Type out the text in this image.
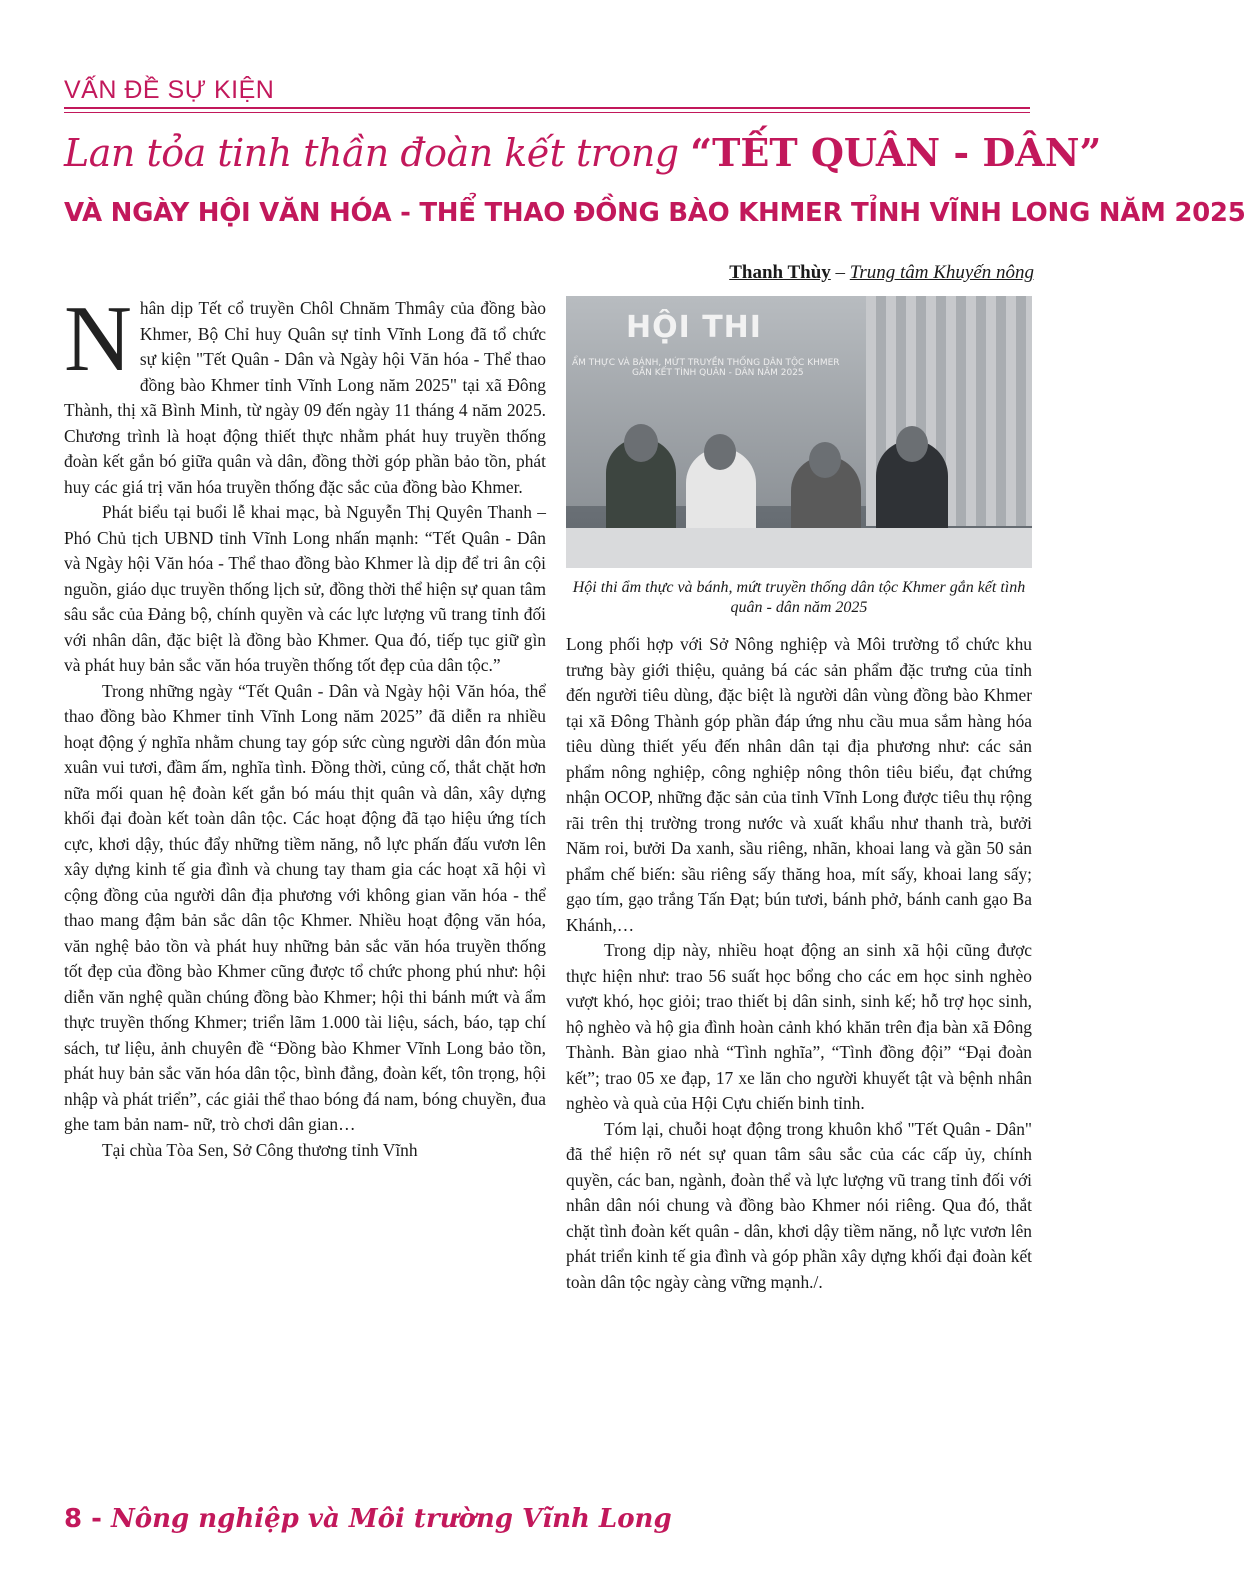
VẤN ĐỀ SỰ KIỆN
Lan tỏa tinh thần đoàn kết trong “TẾT QUÂN - DÂN”
VÀ NGÀY HỘI VĂN HÓA - THỂ THAO ĐỒNG BÀO KHMER TỈNH VĨNH LONG NĂM 2025
Thanh Thùy – Trung tâm Khuyến nông

Nhân dịp Tết cổ truyền Chôl Chnăm Thmây của đồng bào Khmer, Bộ Chỉ huy Quân sự tỉnh Vĩnh Long đã tổ chức sự kiện "Tết Quân - Dân và Ngày hội Văn hóa - Thể thao đồng bào Khmer tỉnh Vĩnh Long năm 2025" tại xã Đông Thành, thị xã Bình Minh, từ ngày 09 đến ngày 11 tháng 4 năm 2025. Chương trình là hoạt động thiết thực nhằm phát huy truyền thống đoàn kết gắn bó giữa quân và dân, đồng thời góp phần bảo tồn, phát huy các giá trị văn hóa truyền thống đặc sắc của đồng bào Khmer.

Phát biểu tại buổi lễ khai mạc, bà Nguyễn Thị Quyên Thanh – Phó Chủ tịch UBND tỉnh Vĩnh Long nhấn mạnh: “Tết Quân - Dân và Ngày hội Văn hóa - Thể thao đồng bào Khmer là dịp để tri ân cội nguồn, giáo dục truyền thống lịch sử, đồng thời thể hiện sự quan tâm sâu sắc của Đảng bộ, chính quyền và các lực lượng vũ trang tỉnh đối với nhân dân, đặc biệt là đồng bào Khmer. Qua đó, tiếp tục giữ gìn và phát huy bản sắc văn hóa truyền thống tốt đẹp của dân tộc.”

Trong những ngày “Tết Quân - Dân và Ngày hội Văn hóa, thể thao đồng bào Khmer tỉnh Vĩnh Long năm 2025” đã diễn ra nhiều hoạt động ý nghĩa nhằm chung tay góp sức cùng người dân đón mùa xuân vui tươi, đầm ấm, nghĩa tình. Đồng thời, củng cố, thắt chặt hơn nữa mối quan hệ đoàn kết gắn bó máu thịt quân và dân, xây dựng khối đại đoàn kết toàn dân tộc. Các hoạt động đã tạo hiệu ứng tích cực, khơi dậy, thúc đẩy những tiềm năng, nỗ lực phấn đấu vươn lên xây dựng kinh tế gia đình và chung tay tham gia các hoạt xã hội vì cộng đồng của người dân địa phương với không gian văn hóa - thể thao mang đậm bản sắc dân tộc Khmer. Nhiều hoạt động văn hóa, văn nghệ bảo tồn và phát huy những bản sắc văn hóa truyền thống tốt đẹp của đồng bào Khmer cũng được tổ chức phong phú như: hội diễn văn nghệ quần chúng đồng bào Khmer; hội thi bánh mứt và ẩm thực truyền thống Khmer; triển lãm 1.000 tài liệu, sách, báo, tạp chí sách, tư liệu, ảnh chuyên đề “Đồng bào Khmer Vĩnh Long bảo tồn, phát huy bản sắc văn hóa dân tộc, bình đẳng, đoàn kết, tôn trọng, hội nhập và phát triển”, các giải thể thao bóng đá nam, bóng chuyền, đua ghe tam bản nam- nữ, trò chơi dân gian…

Tại chùa Tòa Sen, Sở Công thương tỉnh Vĩnh

HỘI THI
ẨM THỰC VÀ BÁNH, MỨT TRUYỀN THỐNG DÂN TỘC KHMER
GẮN KẾT TÌNH QUÂN - DÂN NĂM 2025
Hội thi ẩm thực và bánh, mứt truyền thống dân tộc Khmer gắn kết tình quân - dân năm 2025

Long phối hợp với Sở Nông nghiệp và Môi trường tổ chức khu trưng bày giới thiệu, quảng bá các sản phẩm đặc trưng của tỉnh đến người tiêu dùng, đặc biệt là người dân vùng đồng bào Khmer tại xã Đông Thành góp phần đáp ứng nhu cầu mua sắm hàng hóa tiêu dùng thiết yếu đến nhân dân tại địa phương như: các sản phẩm nông nghiệp, công nghiệp nông thôn tiêu biểu, đạt chứng nhận OCOP, những đặc sản của tỉnh Vĩnh Long được tiêu thụ rộng rãi trên thị trường trong nước và xuất khẩu như thanh trà, bưởi Năm roi, bưởi Da xanh, sầu riêng, nhãn, khoai lang và gần 50 sản phẩm chế biến: sầu riêng sấy thăng hoa, mít sấy, khoai lang sấy; gạo tím, gạo trắng Tấn Đạt; bún tươi, bánh phở, bánh canh gạo Ba Khánh,…

Trong dịp này, nhiều hoạt động an sinh xã hội cũng được thực hiện như: trao 56 suất học bổng cho các em học sinh nghèo vượt khó, học giỏi; trao thiết bị dân sinh, sinh kế; hỗ trợ học sinh, hộ nghèo và hộ gia đình hoàn cảnh khó khăn trên địa bàn xã Đông Thành. Bàn giao nhà “Tình nghĩa”, “Tình đồng đội” “Đại đoàn kết”; trao 05 xe đạp, 17 xe lăn cho người khuyết tật và bệnh nhân nghèo và quà của Hội Cựu chiến binh tỉnh.

Tóm lại, chuỗi hoạt động trong khuôn khổ "Tết Quân - Dân" đã thể hiện rõ nét sự quan tâm sâu sắc của các cấp ủy, chính quyền, các ban, ngành, đoàn thể và lực lượng vũ trang tỉnh đối với nhân dân nói chung và đồng bào Khmer nói riêng. Qua đó, thắt chặt tình đoàn kết quân - dân, khơi dậy tiềm năng, nỗ lực vươn lên phát triển kinh tế gia đình và góp phần xây dựng khối đại đoàn kết toàn dân tộc ngày càng vững mạnh./.

8 - Nông nghiệp và Môi trường Vĩnh Long
